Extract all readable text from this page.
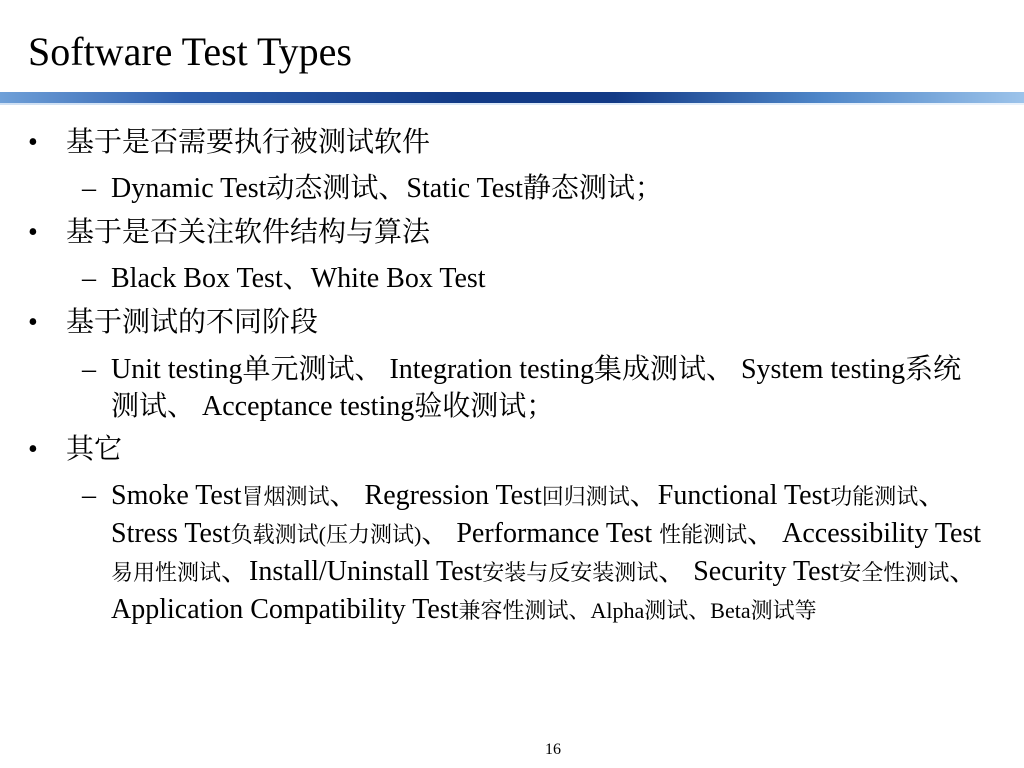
Software Test Types
• 基于是否需要执行被测试软件
– Dynamic Test动态测试、Static Test静态测试；
• 基于是否关注软件结构与算法
– Black Box Test、White Box Test
• 基于测试的不同阶段
– Unit testing单元测试、 Integration testing集成测试、 System testing系统测试、 Acceptance testing验收测试；
• 其它
– Smoke Test冒烟测试、 Regression Test回归测试、Functional Test功能测试、Stress Test负载测试(压力测试)、 Performance Test 性能测试、 Accessibility Test易用性测试、Install/Uninstall Test安装与反安装测试、 Security Test安全性测试、 Application Compatibility Test兼容性测试、Alpha测试、Beta测试等
16
